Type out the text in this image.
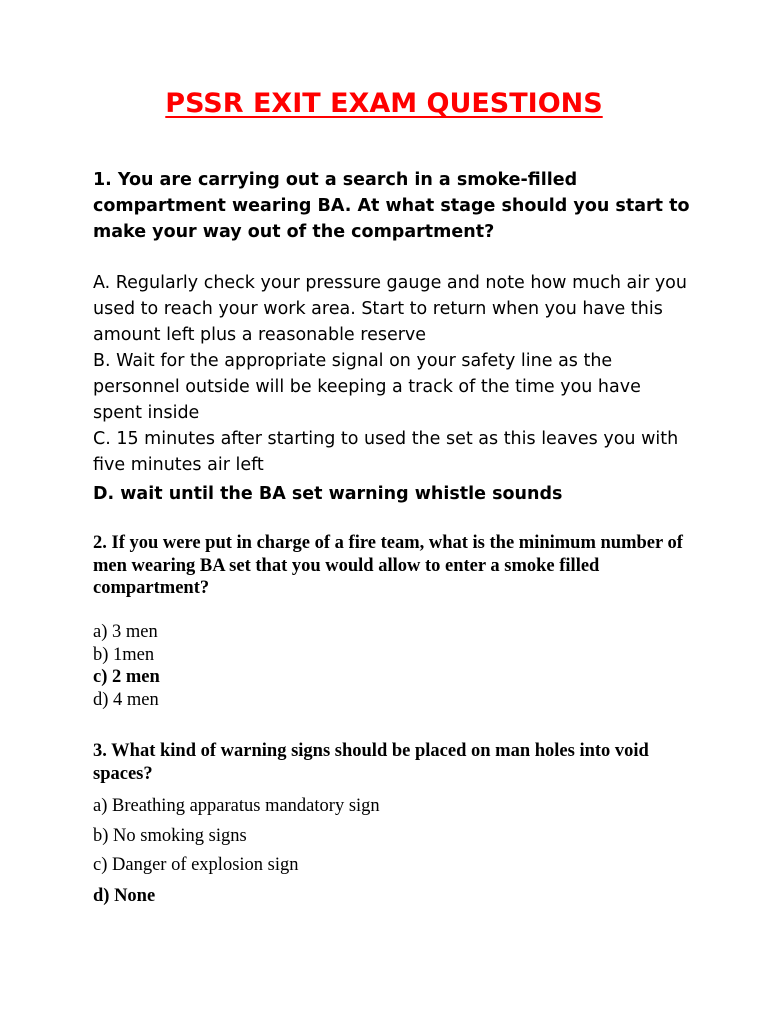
PSSR EXIT EXAM QUESTIONS
1. You are carrying out a search in a smoke-filled compartment wearing BA. At what stage should you start to make your way out of the compartment?
A. Regularly check your pressure gauge and note how much air you used to reach your work area. Start to return when you have this amount left plus a reasonable reserve
B. Wait for the appropriate signal on your safety line as the personnel outside will be keeping a track of the time you have spent inside
C. 15 minutes after starting to used the set as this leaves you with five minutes air left
D. wait until the BA set warning whistle sounds
2. If you were put in charge of a fire team, what is the minimum number of men wearing BA set that you would allow to enter a smoke filled compartment?
a) 3 men
b) 1men
c) 2 men
d) 4 men
3. What kind of warning signs should be placed on man holes into void spaces?
a) Breathing apparatus mandatory sign
b) No smoking signs
c) Danger of explosion sign
d) None
